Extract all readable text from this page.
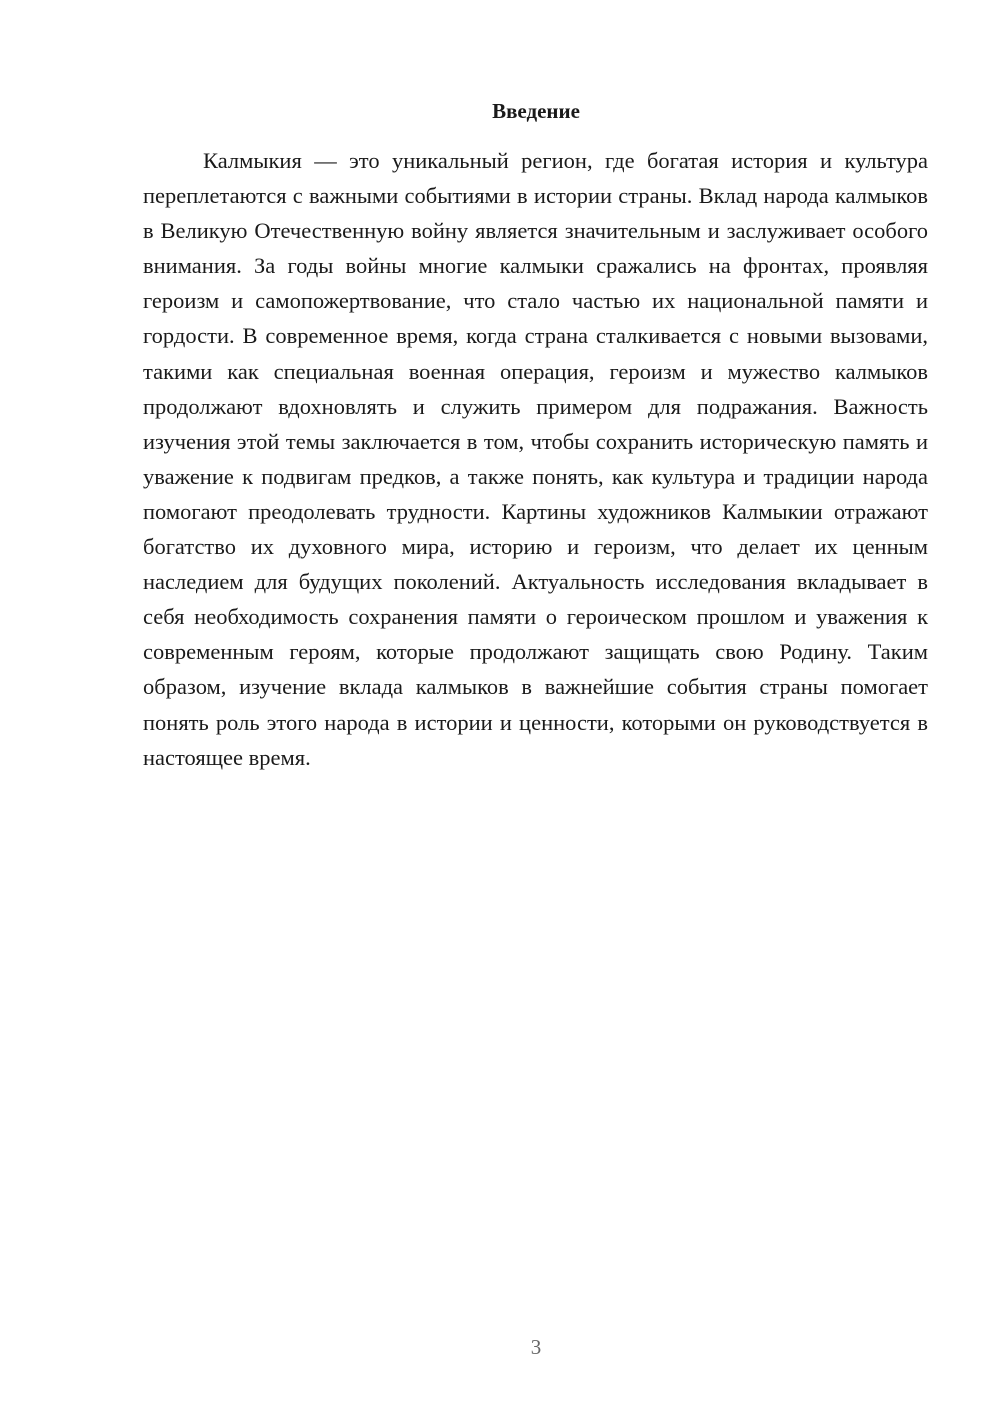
Введение

Калмыкия — это уникальный регион, где богатая история и культура переплетаются с важными событиями в истории страны. Вклад народа калмыков в Великую Отечественную войну является значительным и заслуживает особого внимания. За годы войны многие калмыки сражались на фронтах, проявляя героизм и самопожертвование, что стало частью их национальной памяти и гордости. В современное время, когда страна сталкивается с новыми вызовами, такими как специальная военная операция, героизм и мужество калмыков продолжают вдохновлять и служить примером для подражания. Важность изучения этой темы заключается в том, чтобы сохранить историческую память и уважение к подвигам предков, а также понять, как культура и традиции народа помогают преодолевать трудности. Картины художников Калмыкии отражают богатство их духовного мира, историю и героизм, что делает их ценным наследием для будущих поколений. Актуальность исследования вкладывает в себя необходимость сохранения памяти о героическом прошлом и уважения к современным героям, которые продолжают защищать свою Родину. Таким образом, изучение вклада калмыков в важнейшие события страны помогает понять роль этого народа в истории и ценности, которыми он руководствуется в настоящее время.

3
